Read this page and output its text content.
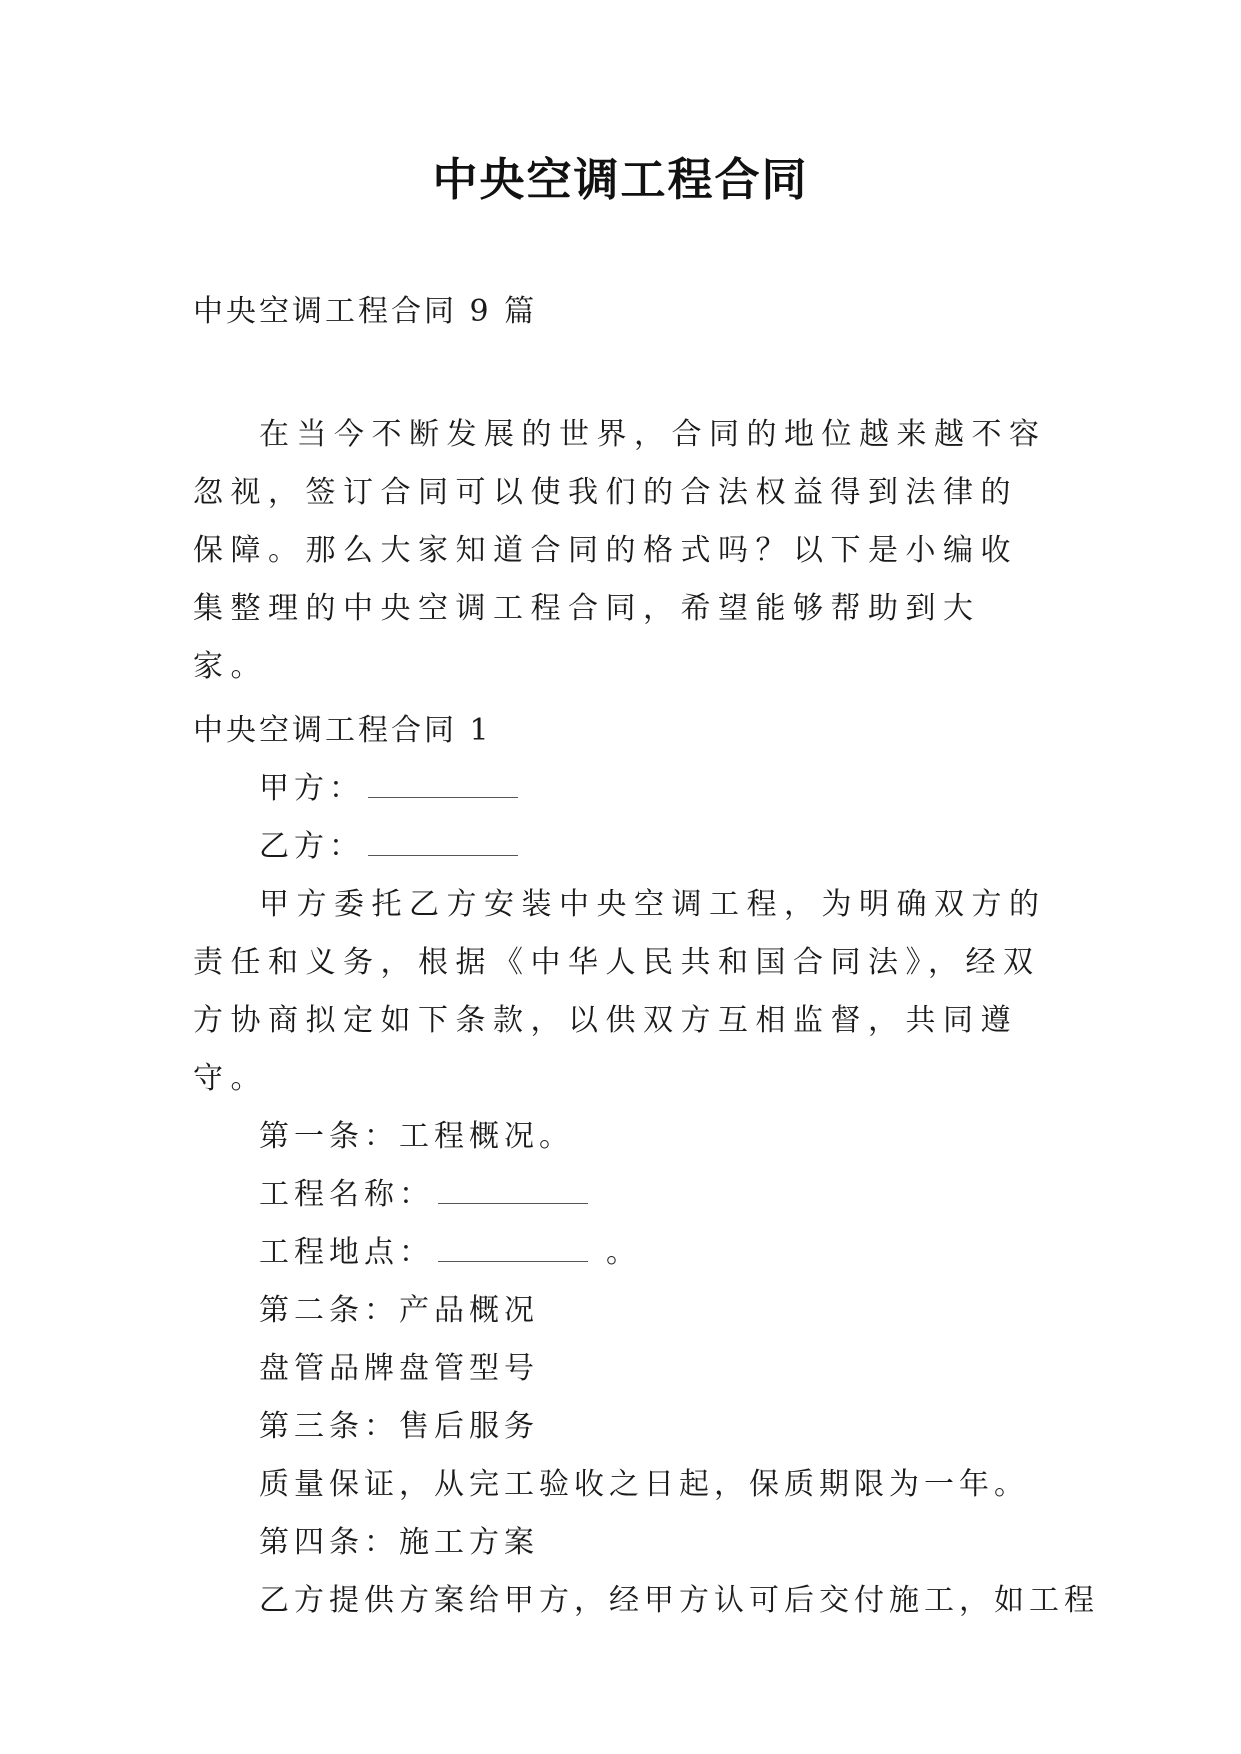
中央空调工程合同
中央空调工程合同 9 篇

在当今不断发展的世界，合同的地位越来越不容忽视，签订合同可以使我们的合法权益得到法律的保障。那么大家知道合同的格式吗？以下是小编收集整理的中央空调工程合同，希望能够帮助到大家。

中央空调工程合同 1
甲方：
乙方：

甲方委托乙方安装中央空调工程，为明确双方的责任和义务，根据《中华人民共和国合同法》，经双方协商拟定如下条款，以供双方互相监督，共同遵守。

第一条：工程概况。
工程名称：
工程地点：	。
第二条：产品概况
盘管品牌盘管型号
第三条：售后服务
质量保证，从完工验收之日起，保质期限为一年。
第四条：施工方案
乙方提供方案给甲方，经甲方认可后交付施工，如工程
